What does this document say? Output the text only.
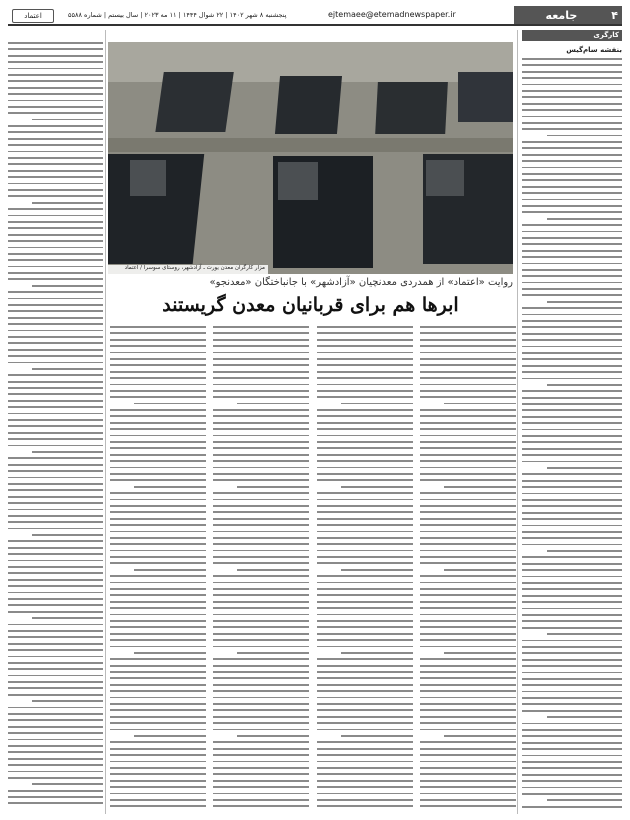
اعتماد	پنجشنبه ۸ شهر ۱۴۰۲ | ۲۲ شوال ۱۴۴۴ | ۱۱ مه ۲۰۲۳ | سال بیستم | شماره ۵۵۸۸	ejtemaee@etemadnewspaper.ir	جامعه	۴
کارگری
بنفشه سام‌گیس
مزار کارگران معدن یورت ـ آزادشهر، روستای سوسرا / اعتماد
روایت «اعتماد» از همدردی معدنچیان «آزادشهر» با جانباختگان «معدنجو»
ابرها هم برای قربانیان معدن گریستند
